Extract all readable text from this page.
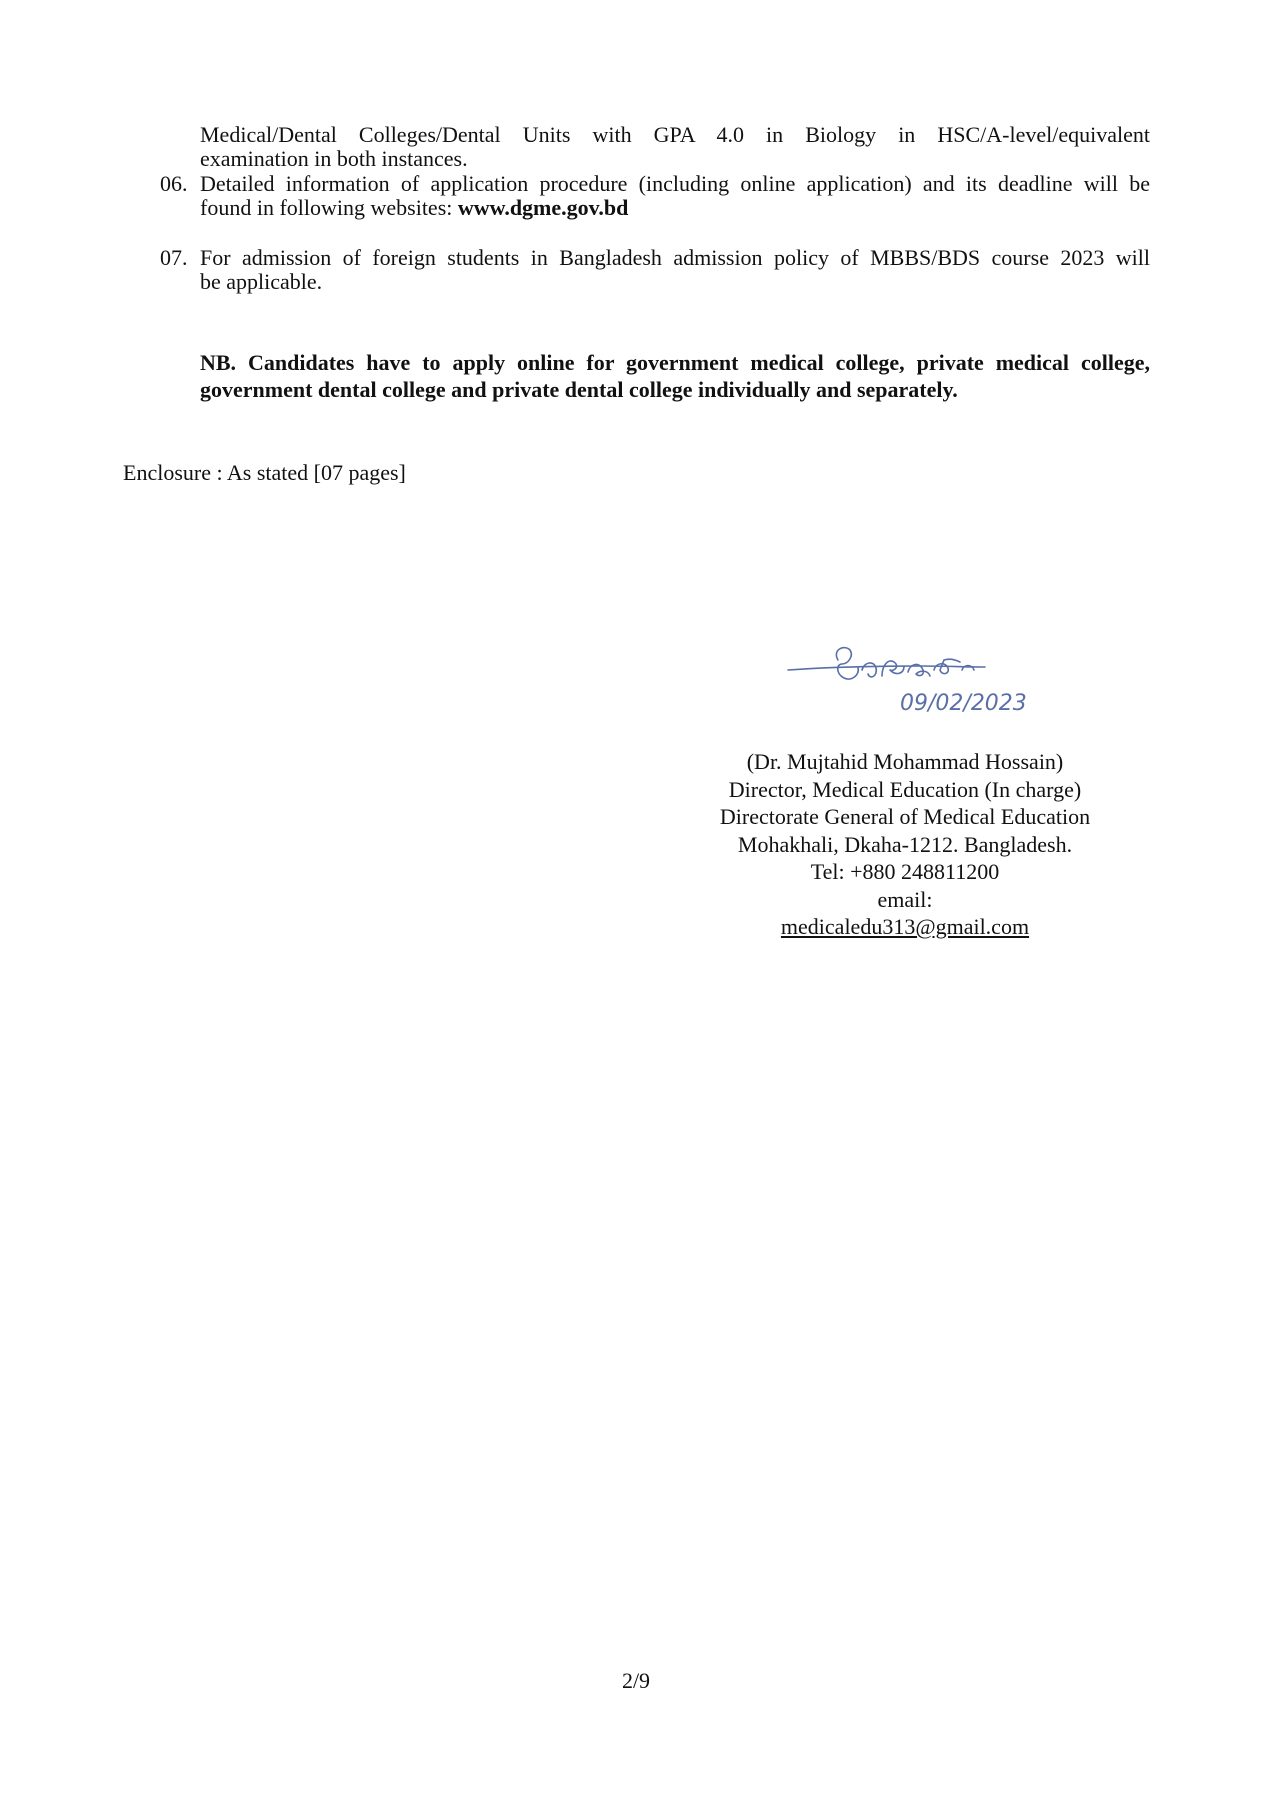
Medical/Dental Colleges/Dental Units with GPA 4.0 in Biology in HSC/A-level/equivalent
examination in both instances.
06. Detailed information of application procedure (including online application) and its deadline will be
found in following websites: www.dgme.gov.bd
07. For admission of foreign students in Bangladesh admission policy of MBBS/BDS course 2023 will
be applicable.
NB. Candidates have to apply online for government medical college, private medical college,
government dental college and private dental college individually and separately.
Enclosure : As stated [07 pages]
09/02/2023
(Dr. Mujtahid Mohammad Hossain)
Director, Medical Education (In charge)
Directorate General of Medical Education
Mohakhali, Dkaha-1212. Bangladesh.
Tel: +880 248811200
email:
medicaledu313@gmail.com
2/9
